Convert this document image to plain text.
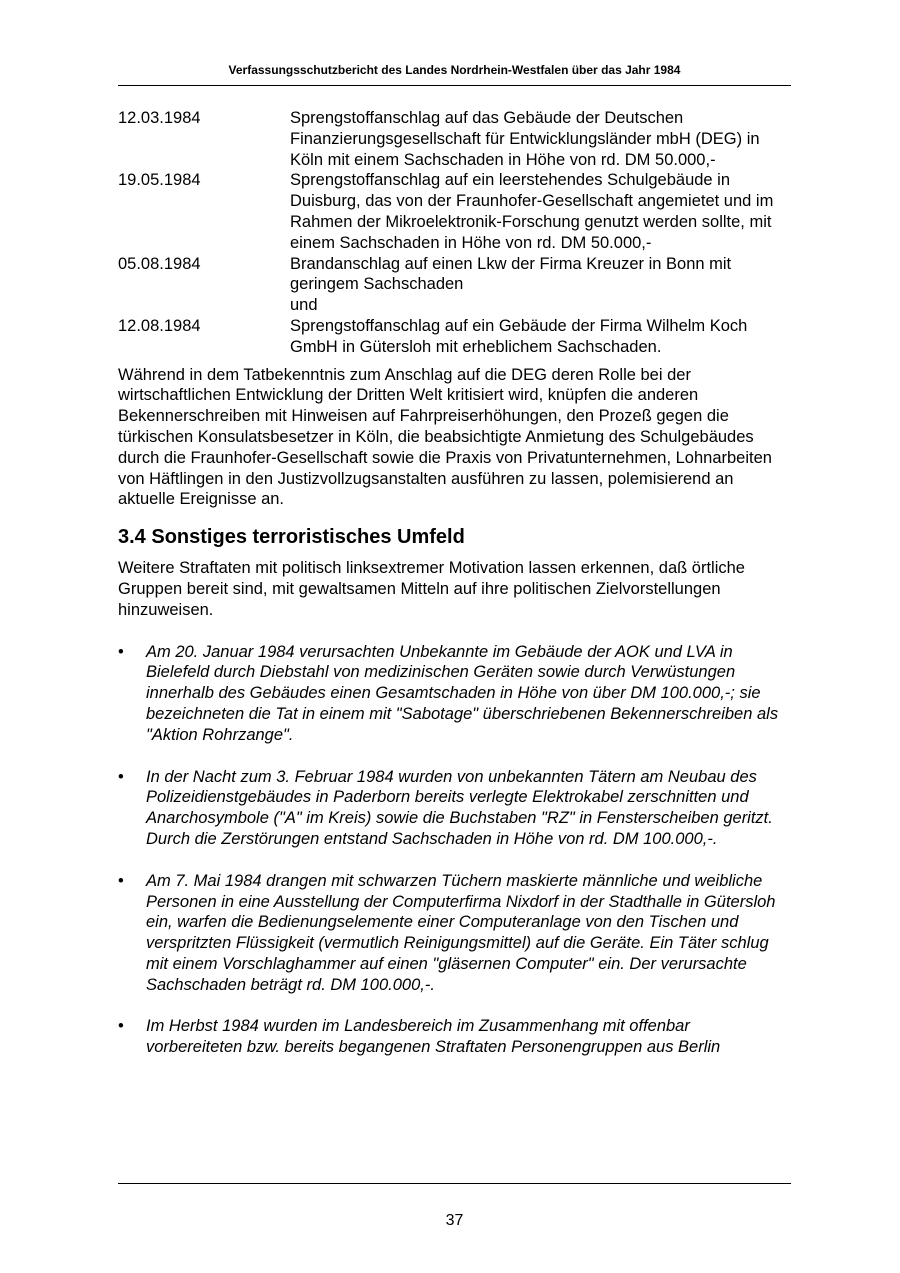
Verfassungsschutzbericht des Landes Nordrhein-Westfalen über das Jahr 1984
12.03.1984	Sprengstoffanschlag auf das Gebäude der Deutschen Finanzierungsgesellschaft für Entwicklungsländer mbH (DEG) in Köln mit einem Sachschaden in Höhe von rd. DM 50.000,-
19.05.1984	Sprengstoffanschlag auf ein leerstehendes Schulgebäude in Duisburg, das von der Fraunhofer-Gesellschaft angemietet und im Rahmen der Mikroelektronik-Forschung genutzt werden sollte, mit einem Sachschaden in Höhe von rd. DM 50.000,-
05.08.1984	Brandanschlag auf einen Lkw der Firma Kreuzer in Bonn mit geringem Sachschaden
und
12.08.1984	Sprengstoffanschlag auf ein Gebäude der Firma Wilhelm Koch GmbH in Gütersloh mit erheblichem Sachschaden.
Während in dem Tatbekenntnis zum Anschlag auf die DEG deren Rolle bei der wirtschaftlichen Entwicklung der Dritten Welt kritisiert wird, knüpfen die anderen Bekennerschreiben mit Hinweisen auf Fahrpreiserhöhungen, den Prozeß gegen die türkischen Konsulatsbesetzer in Köln, die beabsichtigte Anmietung des Schulgebäudes durch die Fraunhofer-Gesellschaft sowie die Praxis von Privatunternehmen, Lohnarbeiten von Häftlingen in den Justizvollzugsanstalten ausführen zu lassen, polemisierend an aktuelle Ereignisse an.
3.4 Sonstiges terroristisches Umfeld
Weitere Straftaten mit politisch linksextremer Motivation lassen erkennen, daß örtliche Gruppen bereit sind, mit gewaltsamen Mitteln auf ihre politischen Zielvorstellungen hinzuweisen.
•	Am 20. Januar 1984 verursachten Unbekannte im Gebäude der AOK und LVA in Bielefeld durch Diebstahl von medizinischen Geräten sowie durch Verwüstungen innerhalb des Gebäudes einen Gesamtschaden in Höhe von über DM 100.000,-; sie bezeichneten die Tat in einem mit "Sabotage" überschriebenen Bekennerschreiben als "Aktion Rohrzange".
•	In der Nacht zum 3. Februar 1984 wurden von unbekannten Tätern am Neubau des Polizeidienstgebäudes in Paderborn bereits verlegte Elektrokabel zerschnitten und Anarchosymbole ("A" im Kreis) sowie die Buchstaben "RZ" in Fensterscheiben geritzt. Durch die Zerstörungen entstand Sachschaden in Höhe von rd. DM 100.000,-.
•	Am 7. Mai 1984 drangen mit schwarzen Tüchern maskierte männliche und weibliche Personen in eine Ausstellung der Computerfirma Nixdorf in der Stadthalle in Gütersloh ein, warfen die Bedienungselemente einer Computeranlage von den Tischen und verspritzten Flüssigkeit (vermutlich Reinigungsmittel) auf die Geräte. Ein Täter schlug mit einem Vorschlaghammer auf einen "gläsernen Computer" ein. Der verursachte Sachschaden beträgt rd. DM 100.000,-.
•	Im Herbst 1984 wurden im Landesbereich im Zusammenhang mit offenbar vorbereiteten bzw. bereits begangenen Straftaten Personengruppen aus Berlin
37
